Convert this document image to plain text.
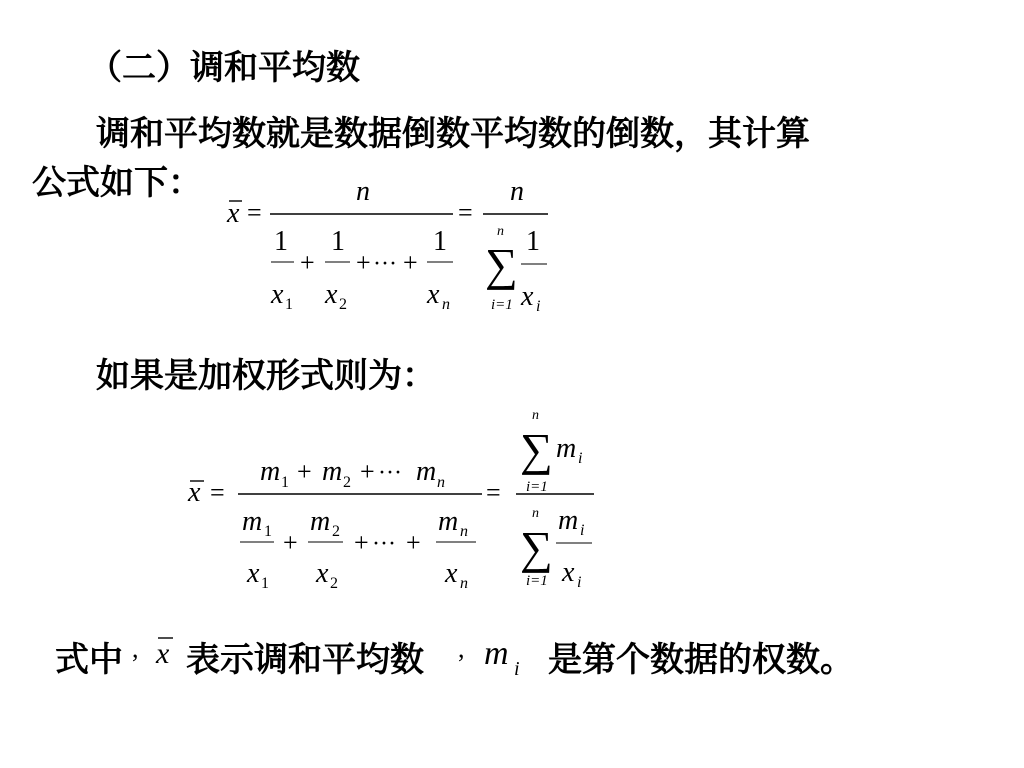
（二）调和平均数
调和平均数就是数据倒数平均数的倒数，其计算
公式如下：
x =
n
1
x 1
+
1
x 2
+ ··· +
1
x n
=
n
n
∑
i=1
1
x i
如果是加权形式则为：
x =
m 1 + m 2 + ··· m n
m 1
x 1
+
m 2
x 2
+ ··· +
m n
x n
=
n
∑
i=1
m i
n
∑
i=1
m i
x i
式中 , x 表示调和平均数 , m i 是第个数据的权数。
